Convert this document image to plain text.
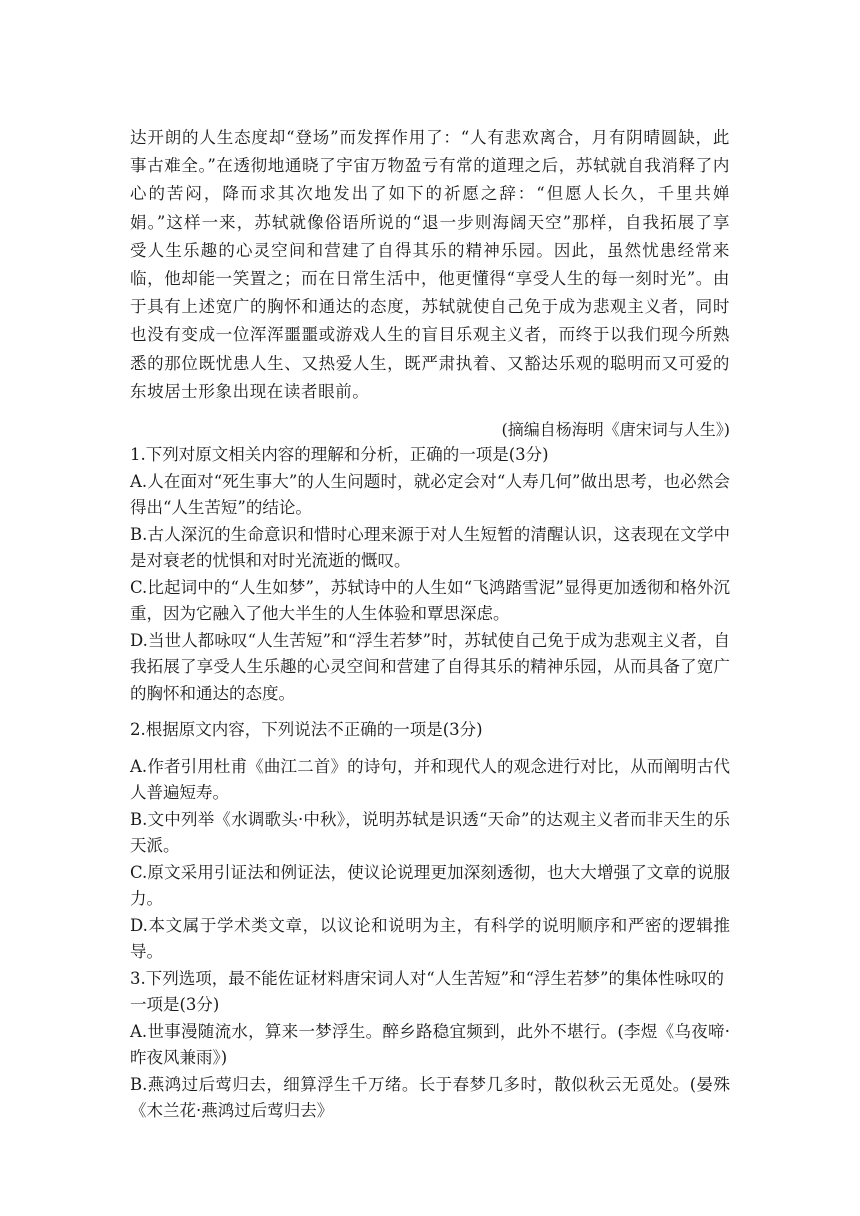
达开朗的人生态度却“登场”而发挥作用了：“人有悲欢离合，月有阴晴圆缺，此事古难全。”在透彻地通晓了宇宙万物盈亏有常的道理之后，苏轼就自我消释了内心的苦闷，降而求其次地发出了如下的祈愿之辞：“但愿人长久，千里共婵娟。”这样一来，苏轼就像俗语所说的“退一步则海阔天空”那样，自我拓展了享受人生乐趣的心灵空间和营建了自得其乐的精神乐园。因此，虽然忧患经常来临，他却能一笑置之；而在日常生活中，他更懂得“享受人生的每一刻时光”。由于具有上述宽广的胸怀和通达的态度，苏轼就使自己免于成为悲观主义者，同时也没有变成一位浑浑噩噩或游戏人生的盲目乐观主义者，而终于以我们现今所熟悉的那位既忧患人生、又热爱人生，既严肃执着、又豁达乐观的聪明而又可爱的东坡居士形象出现在读者眼前。
(摘编自杨海明《唐宋词与人生》)
1.下列对原文相关内容的理解和分析，正确的一项是(3分)
A.人在面对“死生事大”的人生问题时，就必定会对“人寿几何”做出思考，也必然会得出“人生苦短”的结论。
B.古人深沉的生命意识和惜时心理来源于对人生短暂的清醒认识，这表现在文学中是对衰老的忧惧和对时光流逝的慨叹。
C.比起词中的“人生如梦”，苏轼诗中的人生如“飞鸿踏雪泥”显得更加透彻和格外沉重，因为它融入了他大半生的人生体验和覃思深虑。
D.当世人都咏叹“人生苦短”和“浮生若梦”时，苏轼使自己免于成为悲观主义者，自我拓展了享受人生乐趣的心灵空间和营建了自得其乐的精神乐园，从而具备了宽广的胸怀和通达的态度。
2.根据原文内容，下列说法不正确的一项是(3分)
A.作者引用杜甫《曲江二首》的诗句，并和现代人的观念进行对比，从而阐明古代人普遍短寿。
B.文中列举《水调歌头·中秋》，说明苏轼是识透“天命”的达观主义者而非天生的乐天派。
C.原文采用引证法和例证法，使议论说理更加深刻透彻，也大大增强了文章的说服力。
D.本文属于学术类文章，以议论和说明为主，有科学的说明顺序和严密的逻辑推导。
3.下列选项，最不能佐证材料唐宋词人对“人生苦短”和“浮生若梦”的集体性咏叹的一项是(3分)
A.世事漫随流水，算来一梦浮生。醉乡路稳宜频到，此外不堪行。(李煜《乌夜啼·昨夜风兼雨》)
B.燕鸿过后莺归去，细算浮生千万绪。长于春梦几多时，散似秋云无觅处。(晏殊《木兰花·燕鸿过后莺归去》
